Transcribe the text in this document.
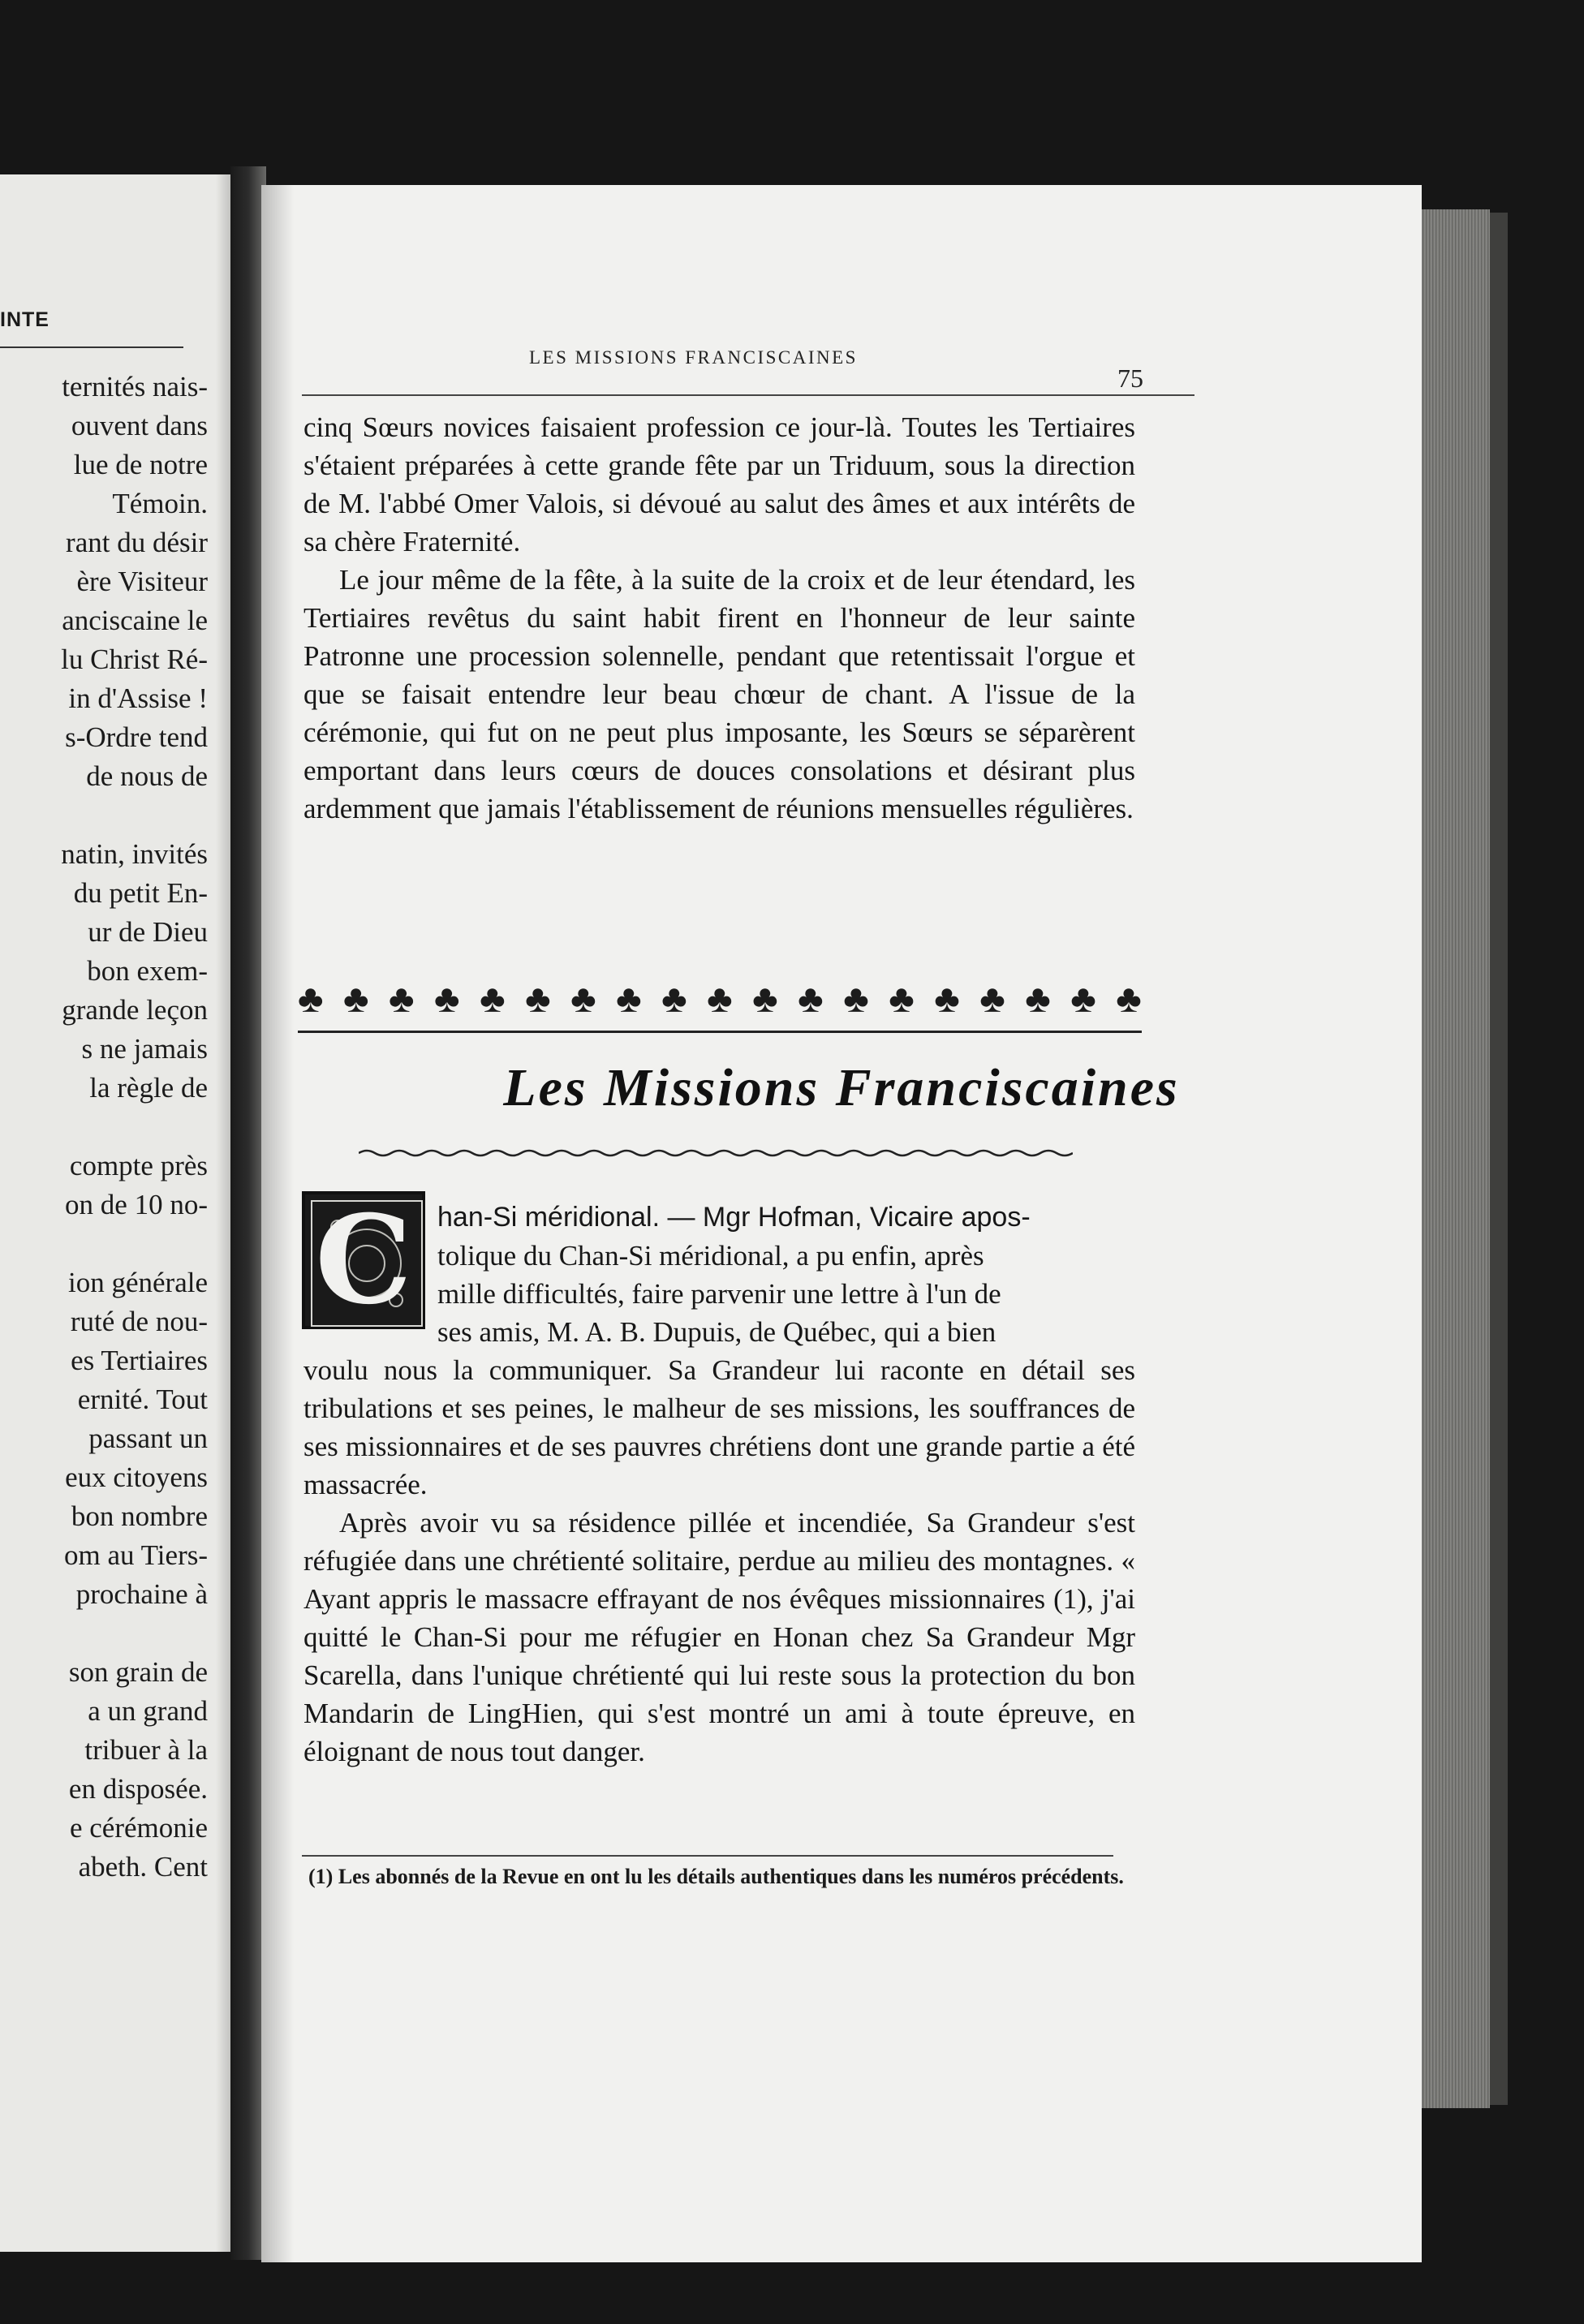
INTE
ternités nais-
ouvent dans
lue de notre
Témoin.
rant du désir
ère Visiteur
anciscaine le
lu Christ Ré-
in d'Assise !
s-Ordre tend
de nous de
natin, invités
du petit En-
ur de Dieu
bon exem-
grande leçon
s ne jamais
la règle de
compte près
on de 10 no-
ion générale
ruté de nou-
es Tertiaires
ernité. Tout
passant un
eux citoyens
bon nombre
om au Tiers-
prochaine à
son grain de
a un grand
tribuer à la
en disposée.
e cérémonie
abeth. Cent
LES MISSIONS FRANCISCAINES
75

cinq Sœurs novices faisaient profession ce jour-là. Toutes les Tertiaires s'étaient préparées à cette grande fête par un Triduum, sous la direction de M. l'abbé Omer Valois, si dévoué au salut des âmes et aux intérêts de sa chère Fraternité.

Le jour même de la fête, à la suite de la croix et de leur étendard, les Tertiaires revêtus du saint habit firent en l'honneur de leur sainte Patronne une procession solennelle, pendant que retentissait l'orgue et que se faisait entendre leur beau chœur de chant. A l'issue de la cérémonie, qui fut on ne peut plus imposante, les Sœurs se séparèrent emportant dans leurs cœurs de douces consolations et désirant plus ardemment que jamais l'établissement de réunions mensuelles régulières.

♣ ♣ ♣ ♣ ♣ ♣ ♣ ♣ ♣ ♣ ♣ ♣ ♣ ♣ ♣ ♣ ♣ ♣ ♣
Les Missions Franciscaines
C han-Si méridional. — Mgr Hofman, Vicaire apos-

tolique du Chan-Si méridional, a pu enfin, après

mille difficultés, faire parvenir une lettre à l'un de

ses amis, M. A. B. Dupuis, de Québec, qui a bien

voulu nous la communiquer. Sa Grandeur lui raconte en détail ses tribulations et ses peines, le malheur de ses missions, les souffrances de ses missionnaires et de ses pauvres chrétiens dont une grande partie a été massacrée.

Après avoir vu sa résidence pillée et incendiée, Sa Grandeur s'est réfugiée dans une chrétienté solitaire, perdue au milieu des montagnes. « Ayant appris le massacre effrayant de nos évêques missionnaires (1), j'ai quitté le Chan-Si pour me réfugier en Honan chez Sa Grandeur Mgr Scarella, dans l'unique chrétienté qui lui reste sous la protection du bon Mandarin de LingHien, qui s'est montré un ami à toute épreuve, en éloignant de nous tout danger.

(1) Les abonnés de la Revue en ont lu les détails authentiques dans les numéros précédents.
